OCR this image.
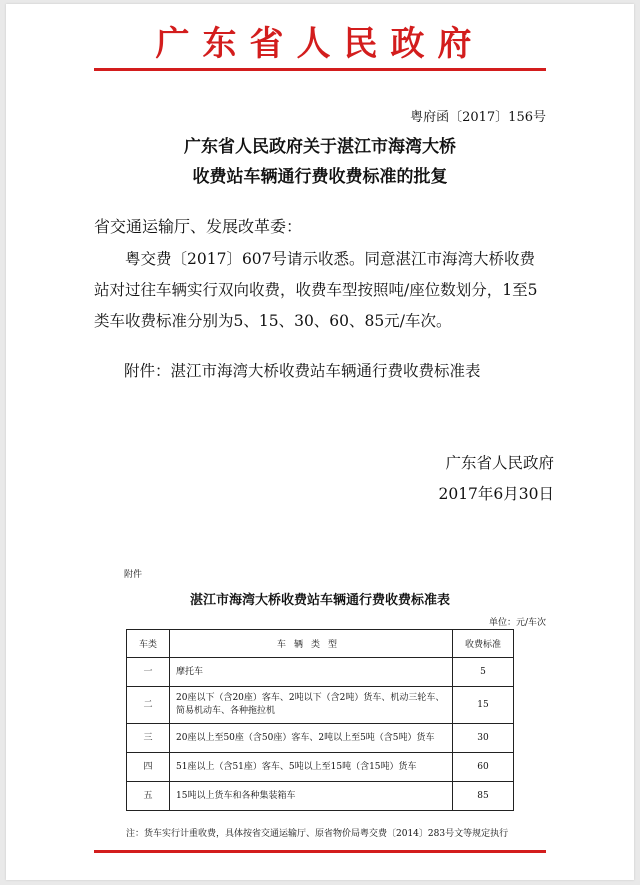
广东省人民政府
粤府函〔2017〕156号
广东省人民政府关于湛江市海湾大桥
收费站车辆通行费收费标准的批复
省交通运输厅、发展改革委：
　　粤交费〔2017〕607号请示收悉。同意湛江市海湾大桥收费
站对过往车辆实行双向收费，收费车型按照吨/座位数划分，1至5
类车收费标准分别为5、15、30、60、85元/车次。
附件：湛江市海湾大桥收费站车辆通行费收费标准表
广东省人民政府
2017年6月30日
附件
湛江市海湾大桥收费站车辆通行费收费标准表
单位：元/车次
车类	车辆类型	收费标准
一	摩托车	5
二	20座以下（含20座）客车、2吨以下（含2吨）货车、机动三轮车、
简易机动车、各种拖拉机	15
三	20座以上至50座（含50座）客车、2吨以上至5吨（含5吨）货车	30
四	51座以上（含51座）客车、5吨以上至15吨（含15吨）货车	60
五	15吨以上货车和各种集装箱车	85
注：货车实行计重收费，具体按省交通运输厅、原省物价局粤交费〔2014〕283号文等规定执行
